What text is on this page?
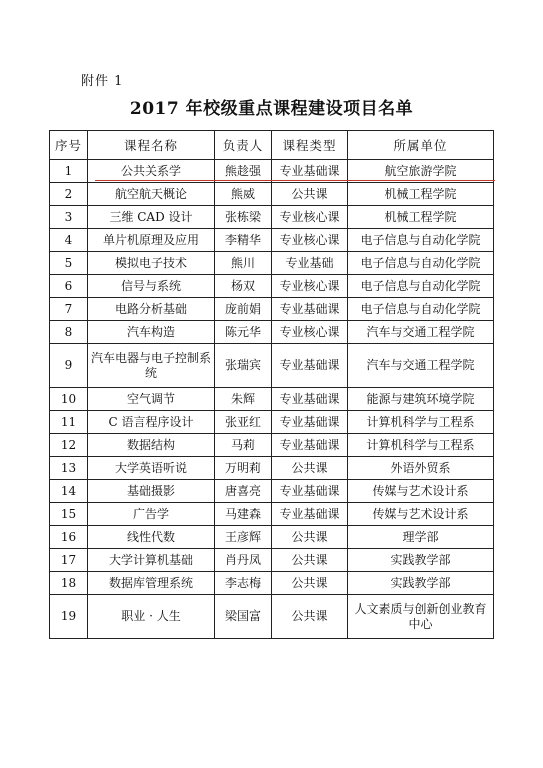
附件 1
2017 年校级重点课程建设项目名单
序号	课程名称	负责人	课程类型	所属单位
1	公共关系学	熊趁强	专业基础课	航空旅游学院
2	航空航天概论	熊威	公共课	机械工程学院
3	三维 CAD 设计	张栋梁	专业核心课	机械工程学院
4	单片机原理及应用	李精华	专业核心课	电子信息与自动化学院
5	模拟电子技术	熊川	专业基础	电子信息与自动化学院
6	信号与系统	杨双	专业核心课	电子信息与自动化学院
7	电路分析基础	庞前娟	专业基础课	电子信息与自动化学院
8	汽车构造	陈元华	专业核心课	汽车与交通工程学院
9	汽车电器与电子控制系统	张瑞宾	专业基础课	汽车与交通工程学院
10	空气调节	朱辉	专业基础课	能源与建筑环境学院
11	C 语言程序设计	张亚红	专业基础课	计算机科学与工程系
12	数据结构	马莉	专业基础课	计算机科学与工程系
13	大学英语听说	万明莉	公共课	外语外贸系
14	基础摄影	唐喜亮	专业基础课	传媒与艺术设计系
15	广告学	马建森	专业基础课	传媒与艺术设计系
16	线性代数	王彦辉	公共课	理学部
17	大学计算机基础	肖丹凤	公共课	实践教学部
18	数据库管理系统	李志梅	公共课	实践教学部
19	职业 · 人生	梁国富	公共课	人文素质与创新创业教育中心
